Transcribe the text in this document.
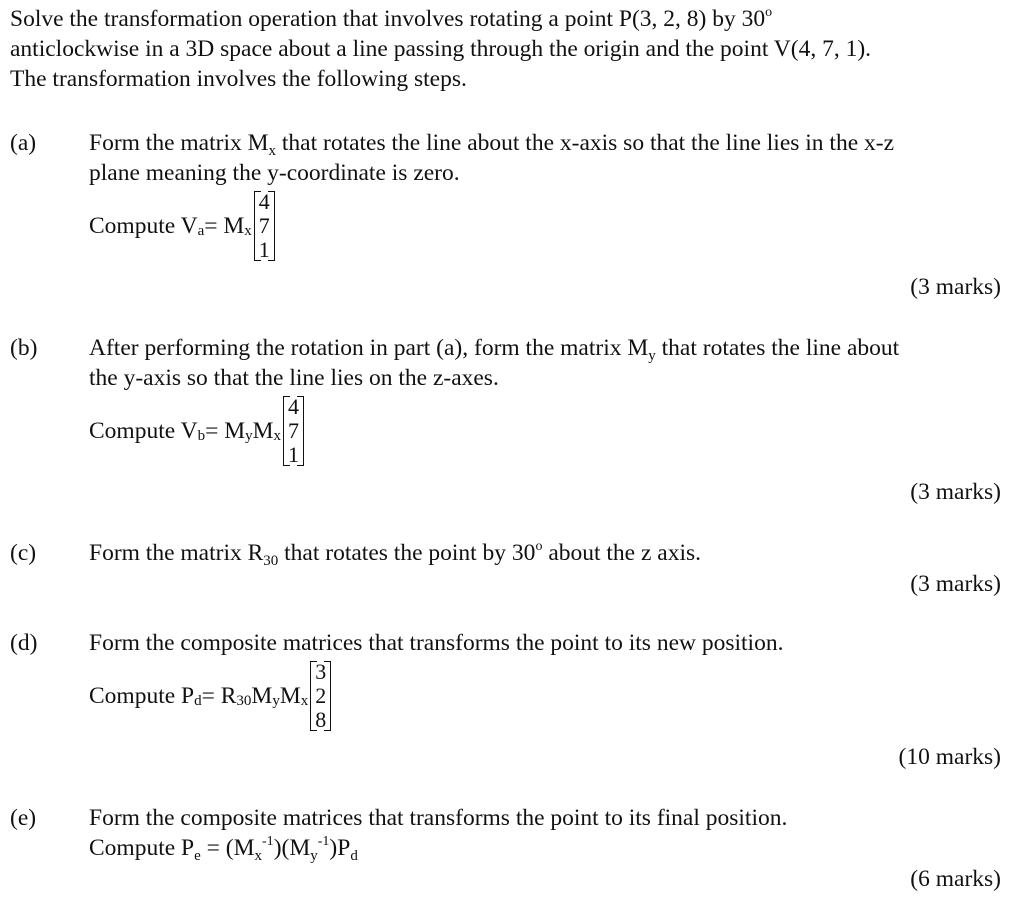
Solve the transformation operation that involves rotating a point P(3, 2, 8) by 30$^o$
anticlockwise in a 3D space about a line passing through the origin and the point V(4, 7, 1).
The transformation involves the following steps.
(a) Form the matrix $M_x$ that rotates the line about the x-axis so that the line lies in the x-z
plane meaning the y-coordinate is zero.
Compute V a = M x
4
7
1
(3 marks)
(b) After performing the rotation in part (a), form the matrix $M_y$ that rotates the line about
the y-axis so that the line lies on the z-axes.
Compute V b = M y M x
4
7
1
(3 marks)
(c) Form the matrix $R_{30}$ that rotates the point by 30$^o$ about the z axis.
(3 marks)
(d) Form the composite matrices that transforms the point to its new position.
Compute P d = R 30 M y M x
3
2
8
(10 marks)
(e) Form the composite matrices that transforms the point to its final position.
Compute $P_e = (M_x^{-1})(M_y^{-1})P_d$
(6 marks)
